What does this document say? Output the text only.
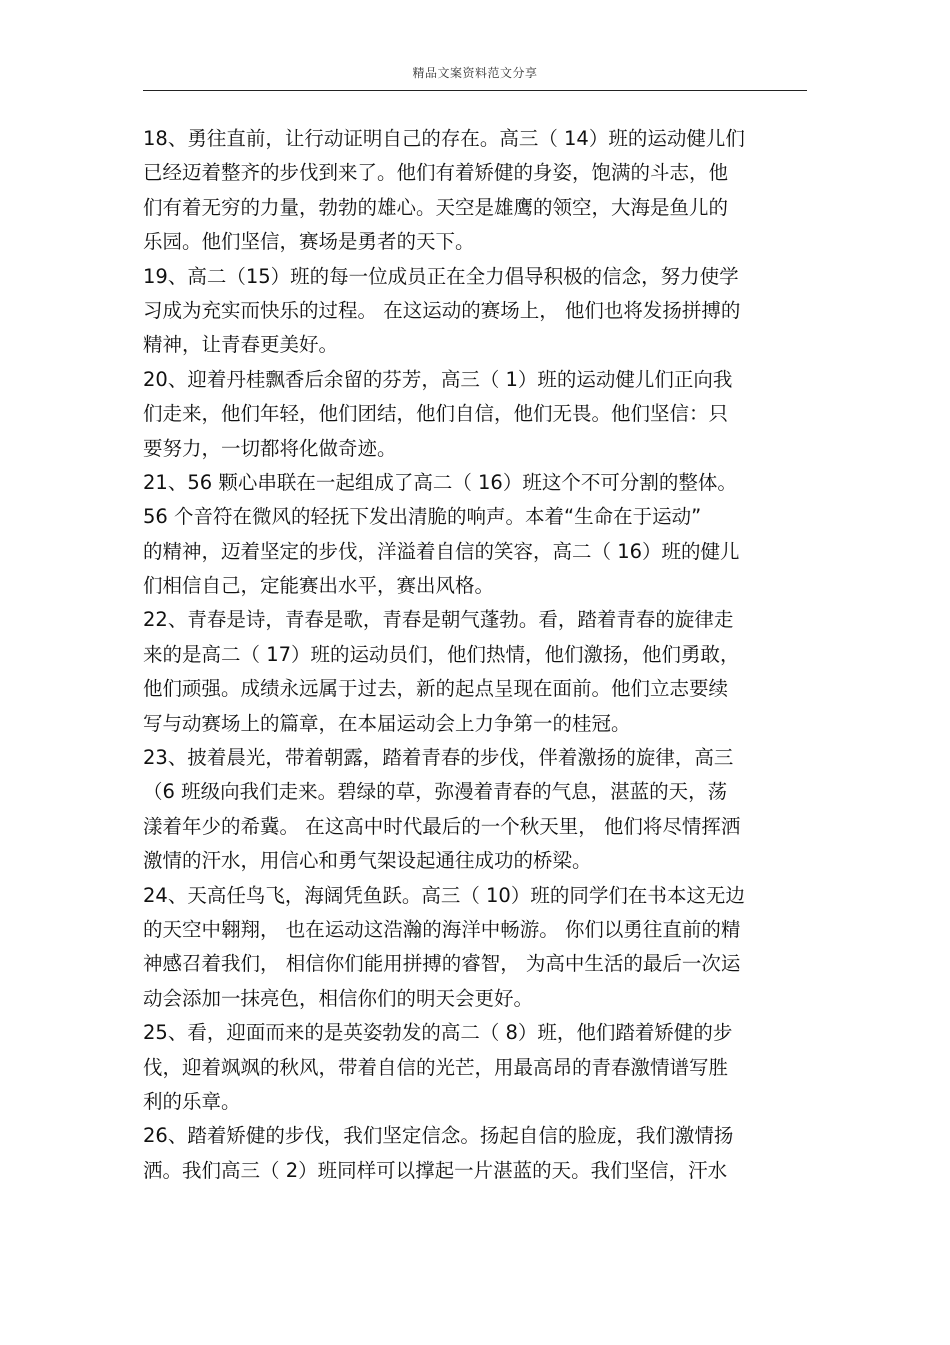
精品文案资料范文分享
18、勇往直前，让行动证明自己的存在。高三（ 14）班的运动健儿们
已经迈着整齐的步伐到来了。他们有着矫健的身姿，饱满的斗志，他
们有着无穷的力量，勃勃的雄心。天空是雄鹰的领空，大海是鱼儿的
乐园。他们坚信，赛场是勇者的天下。
19、高二（15）班的每一位成员正在全力倡导积极的信念，努力使学
习成为充实而快乐的过程。 在这运动的赛场上， 他们也将发扬拼搏的
精神，让青春更美好。
20、迎着丹桂飘香后余留的芬芳，高三（ 1）班的运动健儿们正向我
们走来，他们年轻，他们团结，他们自信，他们无畏。他们坚信：只
要努力，一切都将化做奇迹。
21、56 颗心串联在一起组成了高二（ 16）班这个不可分割的整体。
56 个音符在微风的轻抚下发出清脆的响声。本着“生命在于运动”
的精神，迈着坚定的步伐，洋溢着自信的笑容，高二（ 16）班的健儿
们相信自己，定能赛出水平，赛出风格。
22、青春是诗，青春是歌，青春是朝气蓬勃。看，踏着青春的旋律走
来的是高二（ 17）班的运动员们，他们热情，他们激扬，他们勇敢，
他们顽强。成绩永远属于过去，新的起点呈现在面前。他们立志要续
写与动赛场上的篇章，在本届运动会上力争第一的桂冠。
23、披着晨光，带着朝露，踏着青春的步伐，伴着激扬的旋律，高三
（6 班级向我们走来。碧绿的草，弥漫着青春的气息，湛蓝的天，荡
漾着年少的希冀。 在这高中时代最后的一个秋天里， 他们将尽情挥洒
激情的汗水，用信心和勇气架设起通往成功的桥梁。
24、天高任鸟飞，海阔凭鱼跃。高三（ 10）班的同学们在书本这无边
的天空中翱翔， 也在运动这浩瀚的海洋中畅游。 你们以勇往直前的精
神感召着我们， 相信你们能用拼搏的睿智， 为高中生活的最后一次运
动会添加一抹亮色，相信你们的明天会更好。
25、看，迎面而来的是英姿勃发的高二（ 8）班，他们踏着矫健的步
伐，迎着飒飒的秋风，带着自信的光芒，用最高昂的青春激情谱写胜
利的乐章。
26、踏着矫健的步伐，我们坚定信念。扬起自信的脸庞，我们激情扬
洒。我们高三（ 2）班同样可以撑起一片湛蓝的天。我们坚信，汗水
